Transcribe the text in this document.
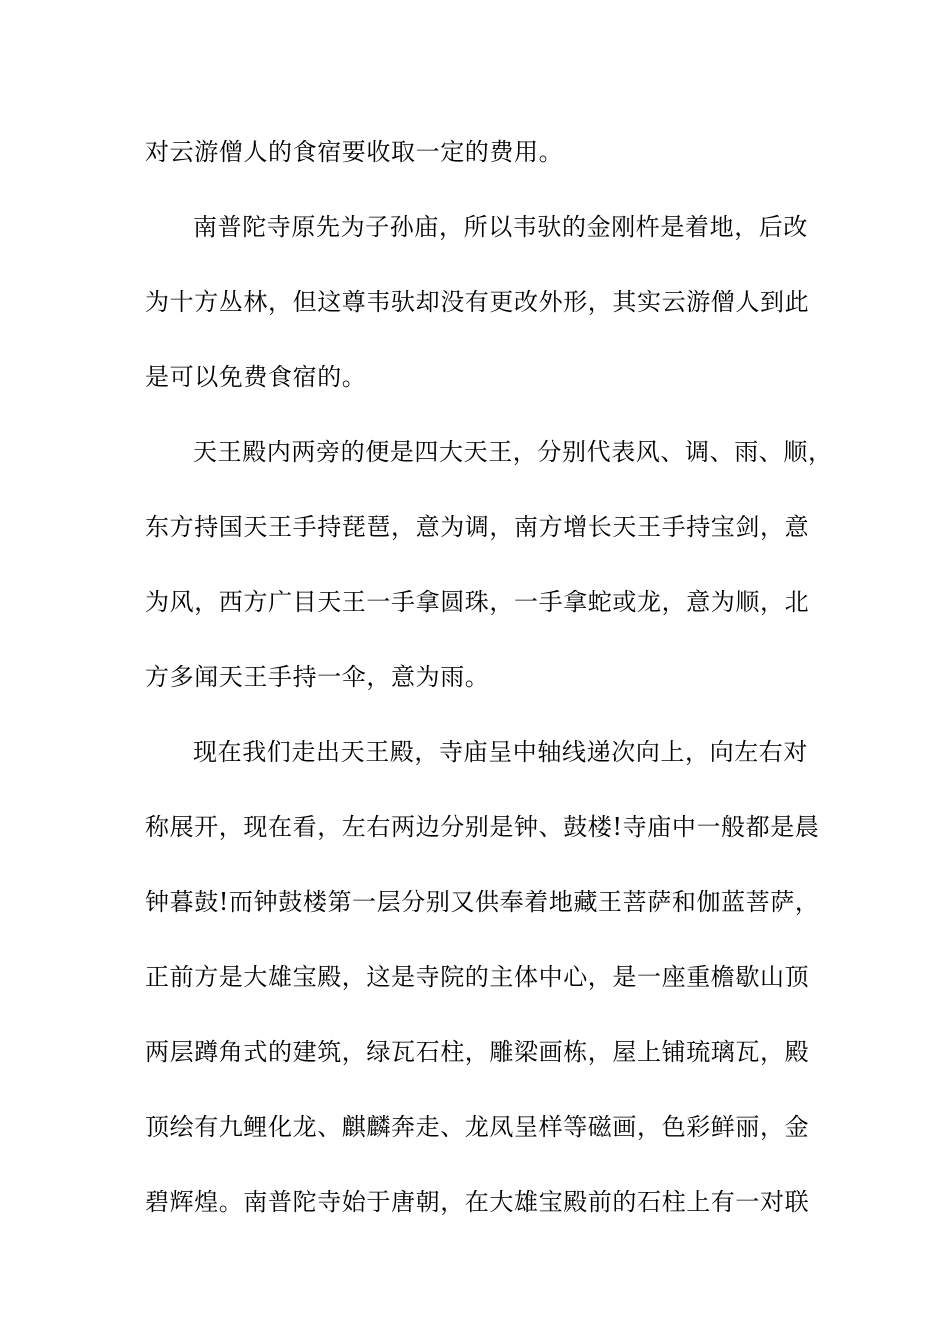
对云游僧人的食宿要收取一定的费用。
南普陀寺原先为子孙庙，所以韦驮的金刚杵是着地，后改
为十方丛林，但这尊韦驮却没有更改外形，其实云游僧人到此
是可以免费食宿的。
天王殿内两旁的便是四大天王，分别代表风、调、雨、顺，
东方持国天王手持琵琶，意为调，南方增长天王手持宝剑，意
为风，西方广目天王一手拿圆珠，一手拿蛇或龙，意为顺，北
方多闻天王手持一伞，意为雨。
现在我们走出天王殿，寺庙呈中轴线递次向上，向左右对
称展开，现在看，左右两边分别是钟、鼓楼!寺庙中一般都是晨
钟暮鼓!而钟鼓楼第一层分别又供奉着地藏王菩萨和伽蓝菩萨，
正前方是大雄宝殿，这是寺院的主体中心，是一座重檐歇山顶
两层蹲角式的建筑，绿瓦石柱，雕梁画栋，屋上铺琉璃瓦，殿
顶绘有九鲤化龙、麒麟奔走、龙凤呈样等磁画，色彩鲜丽，金
碧辉煌。南普陀寺始于唐朝，在大雄宝殿前的石柱上有一对联
